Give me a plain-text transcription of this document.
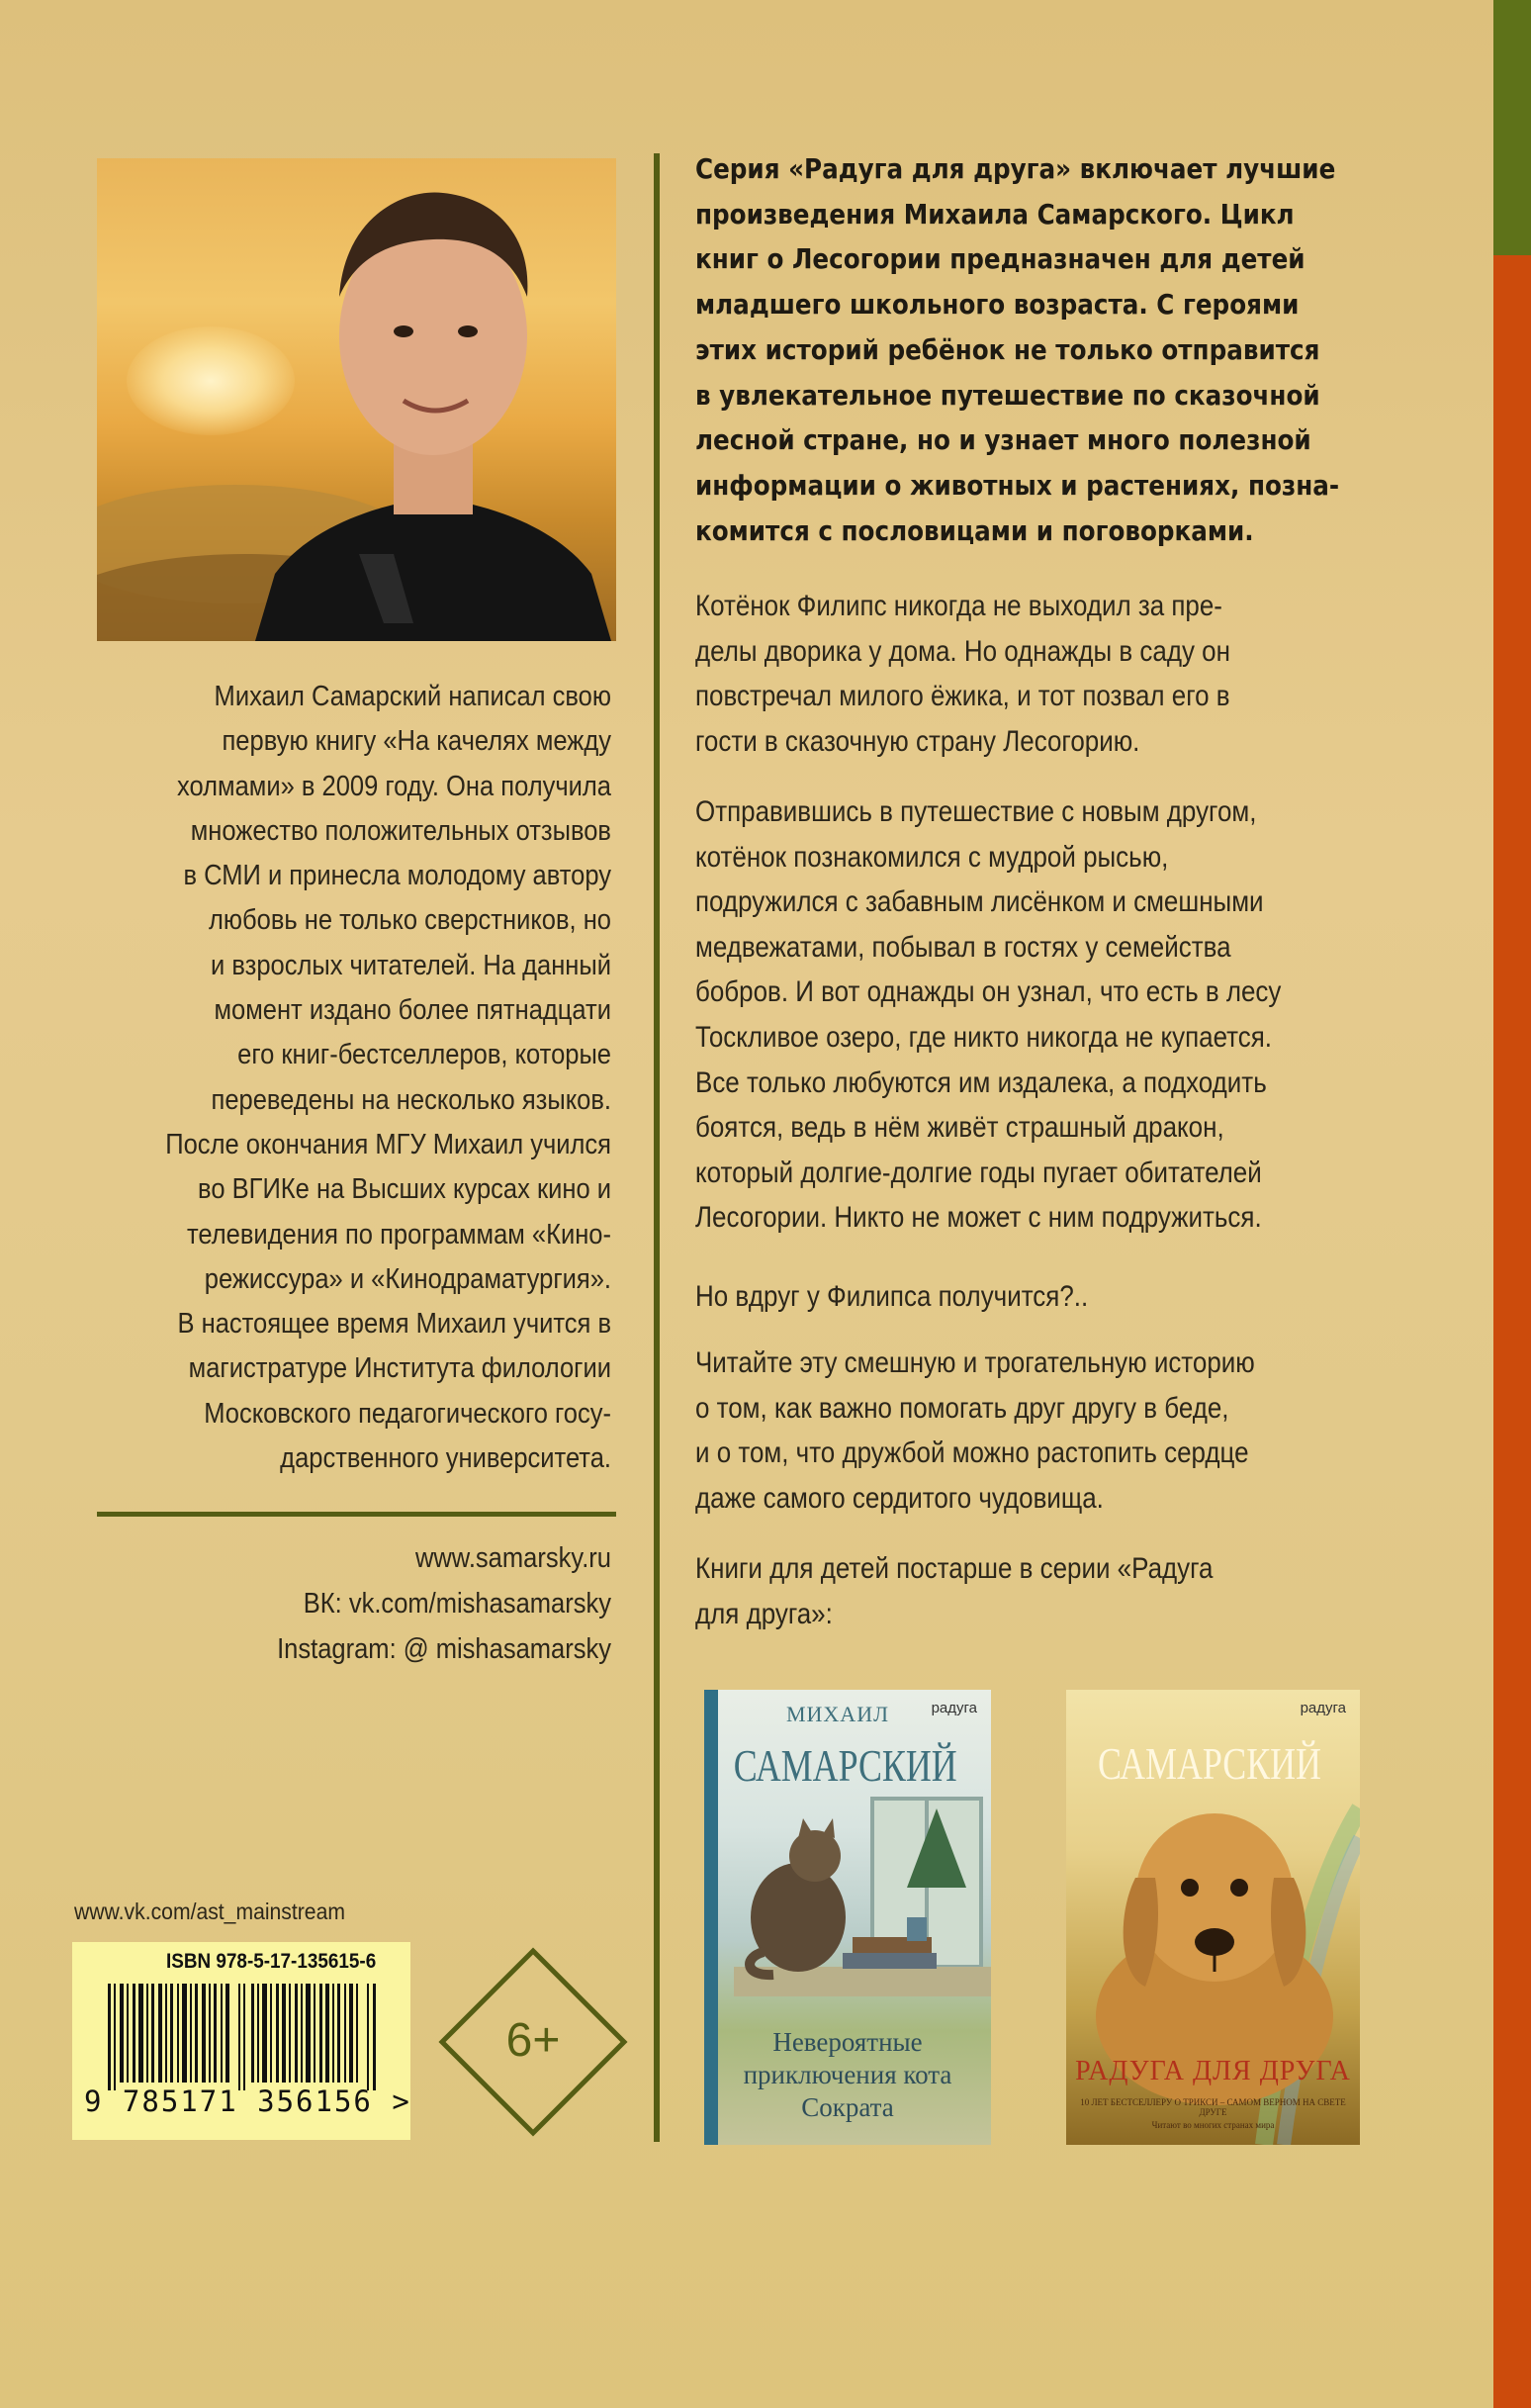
Михаил Самарский написал свою
первую книгу «На качелях между
холмами» в 2009 году. Она получила
множество положительных отзывов
в СМИ и принесла молодому автору
любовь не только сверстников, но
и взрослых читателей. На данный
момент издано более пятнадцати
его книг-бестселлеров, которые
переведены на несколько языков.
После окончания МГУ Михаил учился
во ВГИКе на Высших курсах кино и
телевидения по программам «Кино-
режиссура» и «Кинодраматургия».
В настоящее время Михаил учится в
магистратуре Института филологии
Московского педагогического госу-
дарственного университета.
www.samarsky.ru
ВК: vk.com/mishasamarsky
Instagram: @ mishasamarsky
Серия «Радуга для друга» включает лучшие
произведения Михаила Самарского. Цикл
книг о Лесогории предназначен для детей
младшего школьного возраста. С героями
этих историй ребёнок не только отправится
в увлекательное путешествие по сказочной
лесной стране, но и узнает много полезной
информации о животных и растениях, позна-
комится с пословицами и поговорками.
Котёнок Филипс никогда не выходил за пре-
делы дворика у дома. Но однажды в саду он
повстречал милого ёжика, и тот позвал его в
гости в сказочную страну Лесогорию.
Отправившись в путешествие с новым другом,
котёнок познакомился с мудрой рысью,
подружился с забавным лисёнком и смешными
медвежатами, побывал в гостях у семейства
бобров. И вот однажды он узнал, что есть в лесу
Тоскливое озеро, где никто никогда не купается.
Все только любуются им издалека, а подходить
боятся, ведь в нём живёт страшный дракон,
который долгие-долгие годы пугает обитателей
Лесогории. Никто не может с ним подружиться.
Но вдруг у Филипса получится?..
Читайте эту смешную и трогательную историю
о том, как важно помогать друг другу в беде,
и о том, что дружбой можно растопить сердце
даже самого сердитого чудовища.
Книги для детей постарше в серии «Радуга
для друга»:
МИХАИЛ
САМАРСКИЙ
радуга
Невероятные
приключения кота
Сократа
радуга
САМАРСКИЙ
РАДУГА ДЛЯ ДРУГА
10 ЛЕТ БЕСТСЕЛЛЕРУ О ТРИКСИ – САМОМ ВЕРНОМ НА СВЕТЕ ДРУГЕ
Читают во многих странах мира
www.vk.com/ast_mainstream
ISBN 978-5-17-135615-6
9 785171 356156 >
6+
